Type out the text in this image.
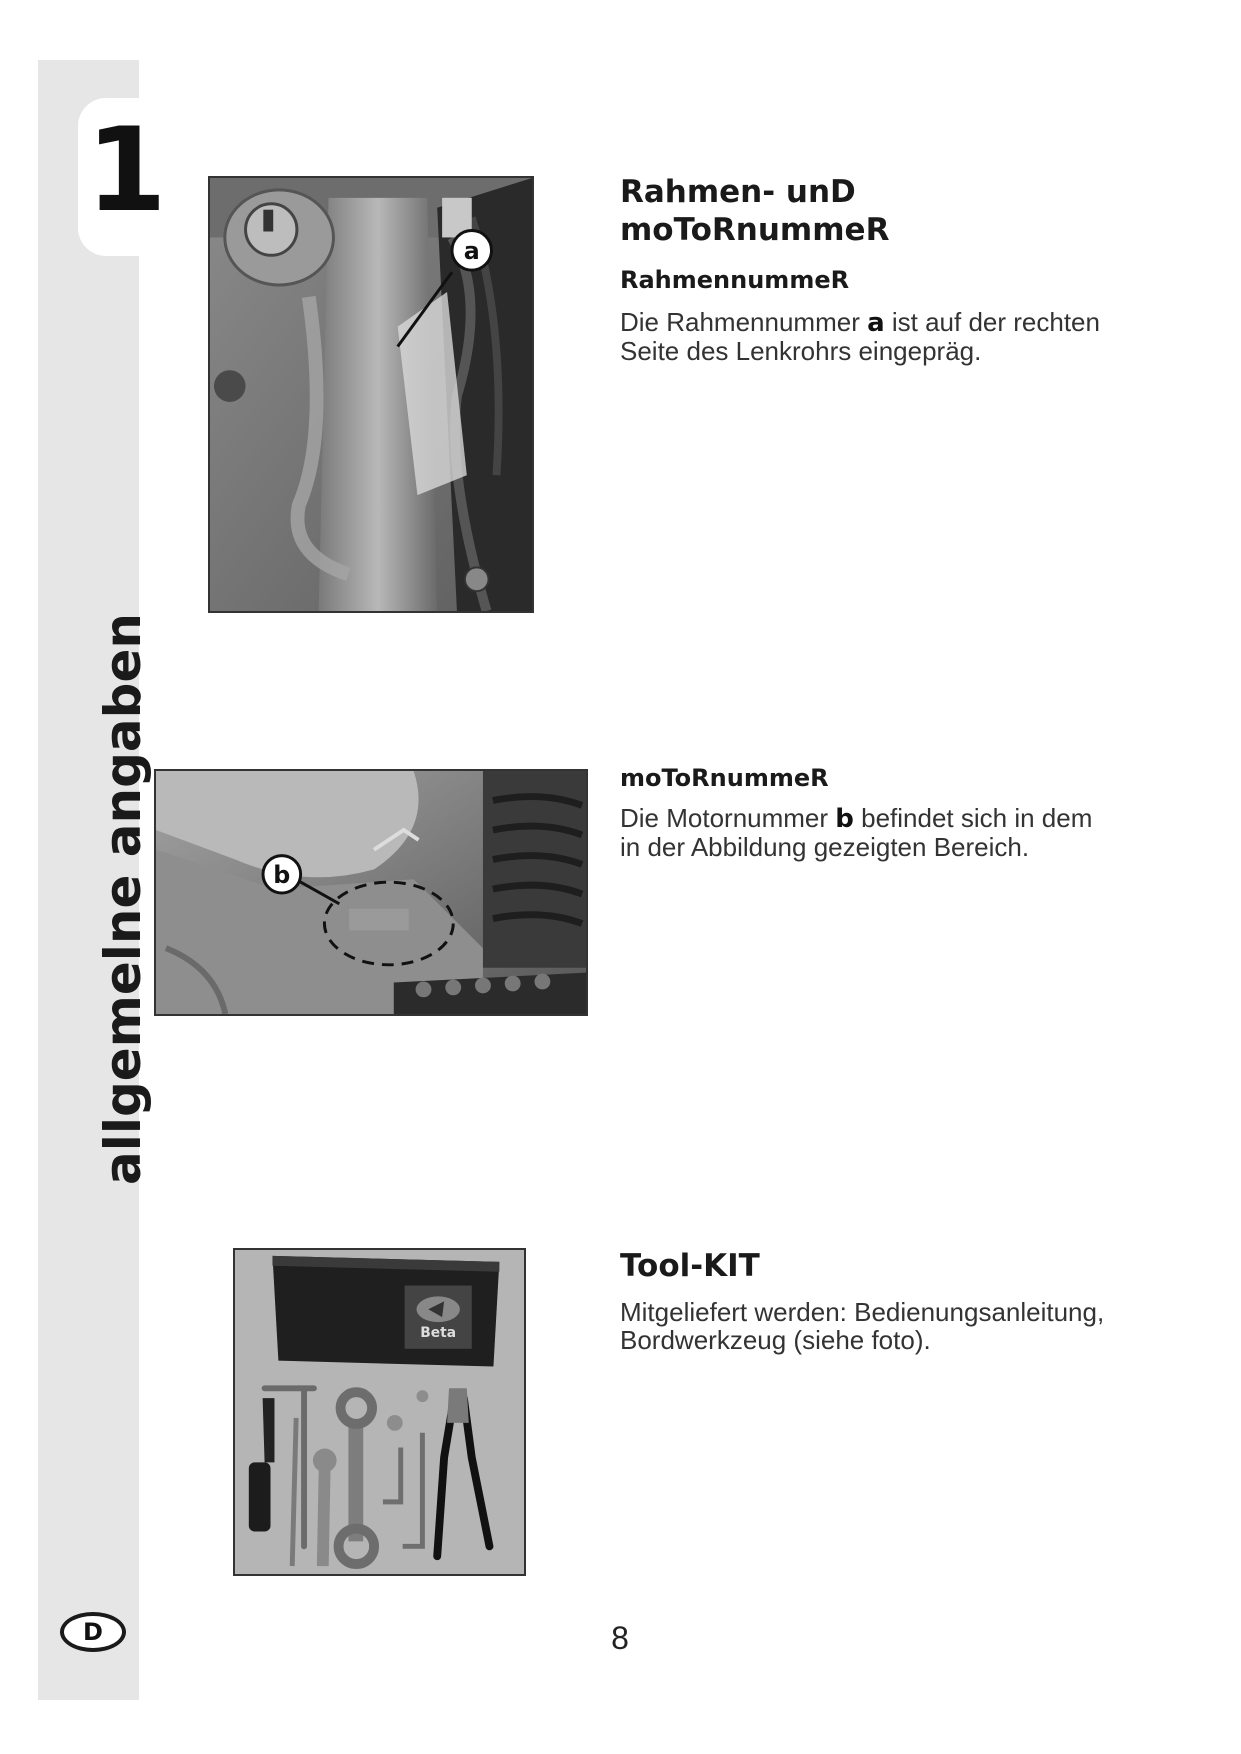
1
allgemelne angaben
D
a
b
Beta
Rahmen- unD
moToRnummeR
RahmennummeR

Die Rahmennummer a ist auf der rechten Seite des Lenkrohrs eingepräg.

moToRnummeR

Die Motornummer b befindet sich in dem in der Abbildung gezeigten Bereich.

Tool-KIT

Mitgeliefert werden: Bedienungsanleitung,
Bordwerkzeug (siehe foto).

8
